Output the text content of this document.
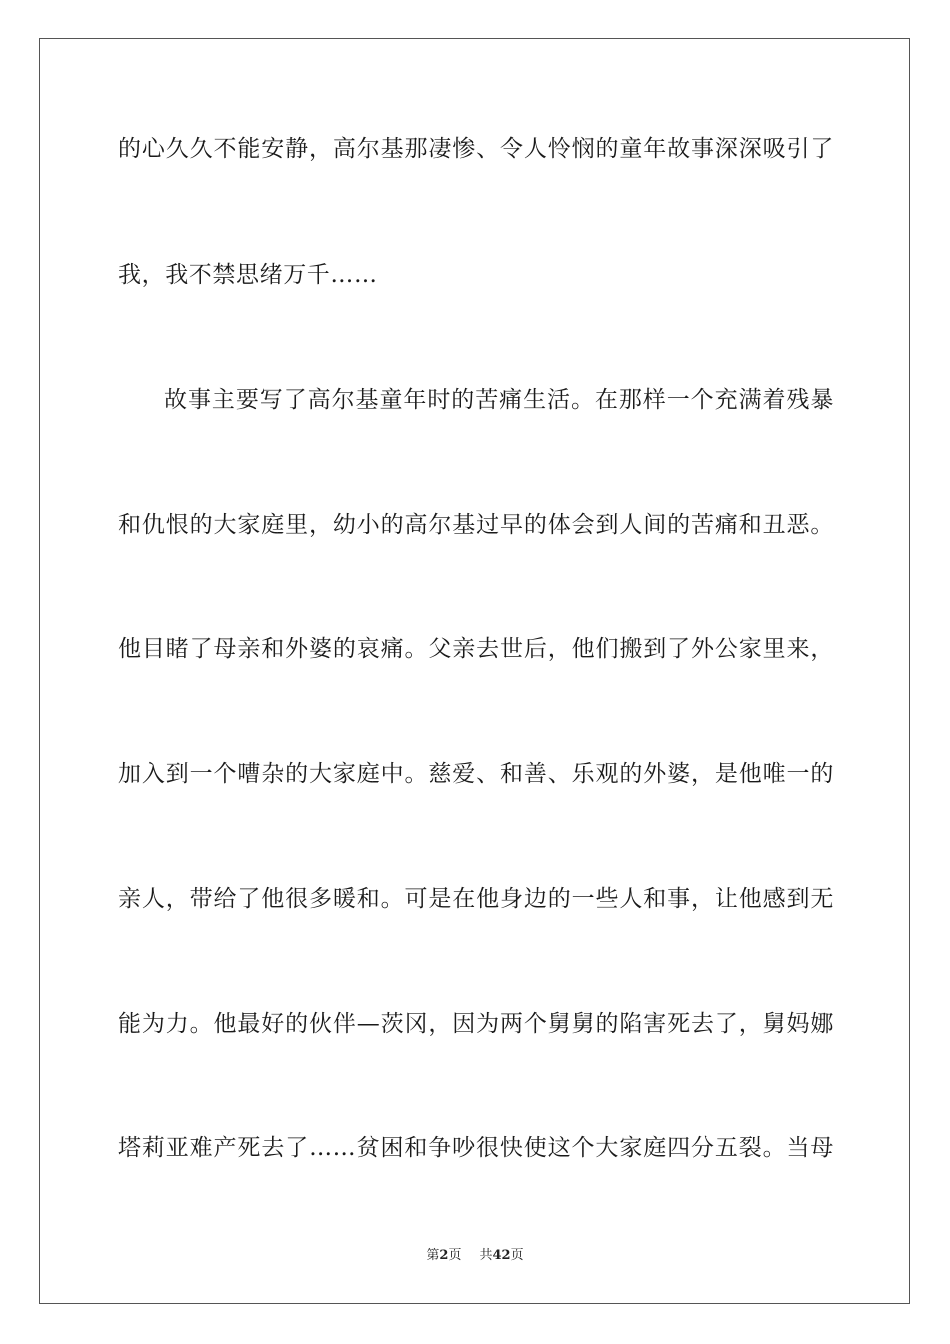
的心久久不能安静，高尔基那凄惨、令人怜悯的童年故事深深吸引了
我，我不禁思绪万千……
故事主要写了高尔基童年时的苦痛生活。在那样一个充满着残暴
和仇恨的大家庭里，幼小的高尔基过早的体会到人间的苦痛和丑恶。
他目睹了母亲和外婆的哀痛。父亲去世后，他们搬到了外公家里来，
加入到一个嘈杂的大家庭中。慈爱、和善、乐观的外婆，是他唯一的
亲人，带给了他很多暖和。可是在他身边的一些人和事，让他感到无
能为力。他最好的伙伴—茨冈，因为两个舅舅的陷害死去了，舅妈娜
塔莉亚难产死去了……贫困和争吵很快使这个大家庭四分五裂。当母
第2页 共42页
